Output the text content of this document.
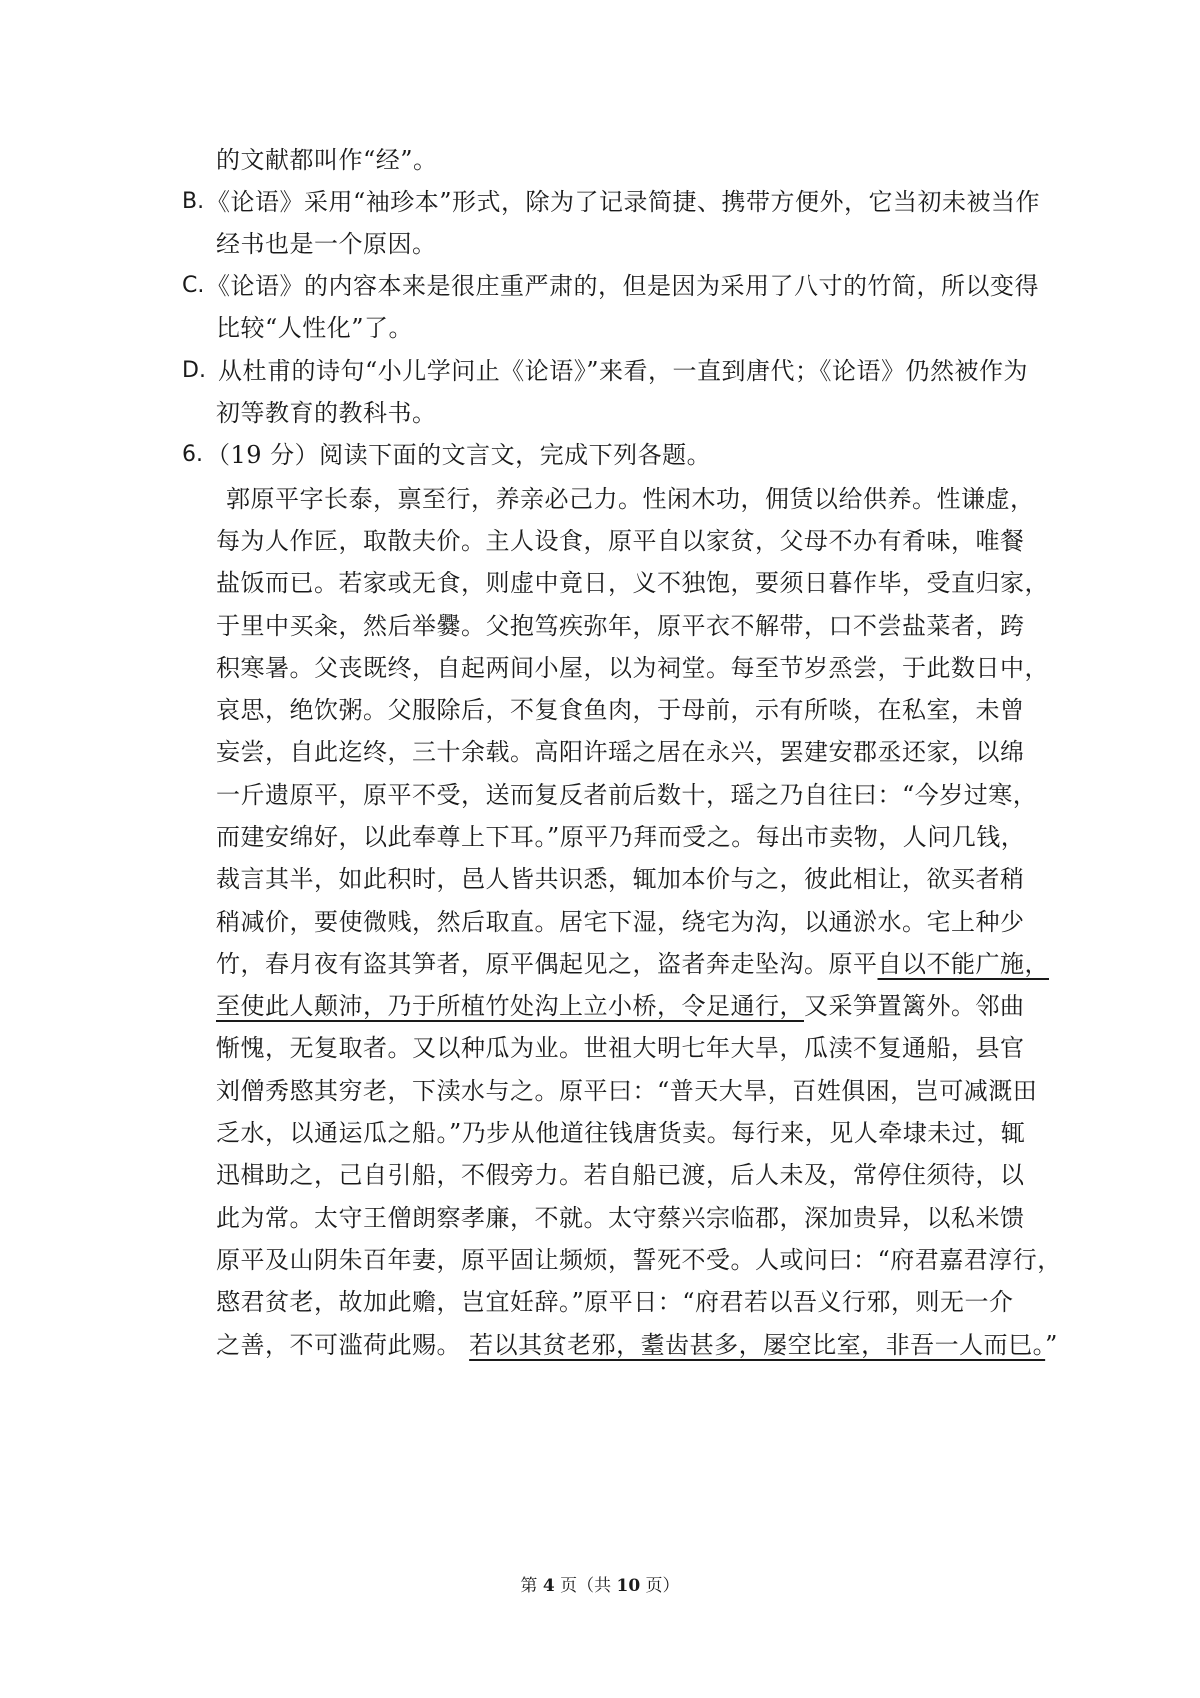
的文献都叫作“经”。
B. 《论语》采用“袖珍本”形式，除为了记录简捷、携带方便外，它当初未被当作
经书也是一个原因。
C. 《论语》的内容本来是很庄重严肃的，但是因为采用了八寸的竹简，所以变得
比较“人性化”了。
D. 从杜甫的诗句“小儿学问止《论语》”来看，一直到唐代；《论语》仍然被作为
初等教育的教科书。
6. （19 分）阅读下面的文言文，完成下列各题。
郭原平字长泰，禀至行，养亲必己力。性闲木功，佣赁以给供养。性谦虚，
每为人作匠，取散夫价。主人设食，原平自以家贫，父母不办有肴味，唯餐
盐饭而已。若家或无食，则虚中竟日，义不独饱，要须日暮作毕，受直归家，
于里中买籴，然后举爨。父抱笃疾弥年，原平衣不解带，口不尝盐菜者，跨
积寒暑。父丧既终，自起两间小屋，以为祠堂。每至节岁烝尝，于此数日中，
哀思，绝饮粥。父服除后，不复食鱼肉，于母前，示有所啖，在私室，未曾
妄尝，自此迄终，三十余载。高阳许瑶之居在永兴，罢建安郡丞还家，以绵
一斤遗原平，原平不受，送而复反者前后数十，瑶之乃自往曰：“今岁过寒，
而建安绵好，以此奉尊上下耳。”原平乃拜而受之。每出市卖物，人问几钱，
裁言其半，如此积时，邑人皆共识悉，辄加本价与之，彼此相让，欲买者稍
稍减价，要使微贱，然后取直。居宅下湿，绕宅为沟，以通淤水。宅上种少
竹，春月夜有盗其笋者，原平偶起见之，盗者奔走坠沟。原平自以不能广施，
至使此人颠沛，乃于所植竹处沟上立小桥，令足通行，又采笋置篱外。邻曲
惭愧，无复取者。又以种瓜为业。世祖大明七年大旱，瓜渎不复通船，县官
刘僧秀愍其穷老，下渎水与之。原平曰：“普天大旱，百姓俱困，岂可减溉田
乏水，以通运瓜之船。”乃步从他道往钱唐货卖。每行来，见人牵埭未过，辄
迅楫助之，己自引船，不假旁力。若自船已渡，后人未及，常停住须待，以
此为常。太守王僧朗察孝廉，不就。太守蔡兴宗临郡，深加贵异，以私米馈
原平及山阴朱百年妻，原平固让频烦，誓死不受。人或问曰：“府君嘉君淳行，
愍君贫老，故加此赡，岂宜妊辞。”原平日：“府君若以吾义行邪，则无一介
之善，不可滥荷此赐。 若以其贫老邪，耋齿甚多，屡空比室，非吾一人而巳。”
第 4 页（共 10 页）
